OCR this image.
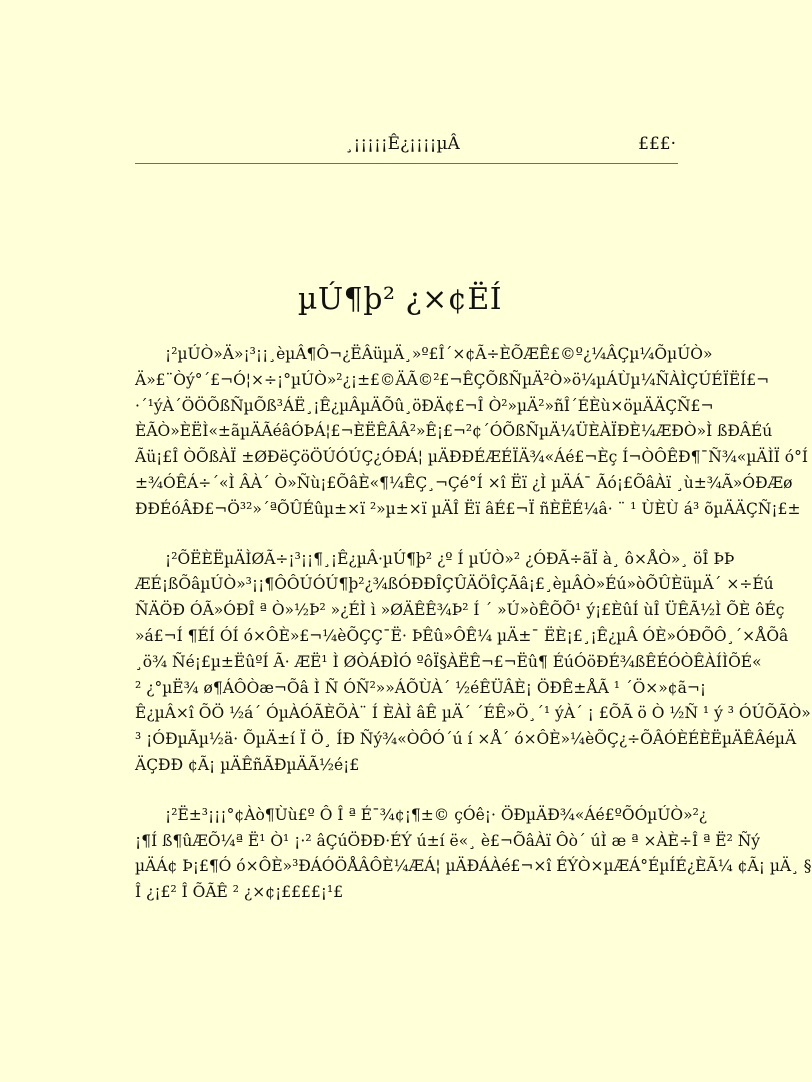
¸¡¡¡¡¡Ê¿¡¡¡¡µÂ	£££·
µÚ¶þ² ¿×¢ËÍ
¡²µÚÒ»Ä»¡³¡¡¸èµÂ¶Ô¬¿ËÂüµÄ¸»º£Î´×¢Ã÷ÈÕÆÊ£©º¿¼ÂÇµ¼ÕµÚÒ»
Ä»£¨Òý°´£¬Ó¦×÷¡°µÚÒ»²¿¡±£©ÄÃ©²£¬ÊÇÕßÑµÄ²Ò»ö¼µÁÙµ¼ÑÀÌÇÚÉÏËÍ£¬
·´¹ýÀ´ÖÖÕßÑµÕß³ÁË¸¡Ê¿µÂµÄÕû¸öÐÄ¢£¬Î Ò²»µÄ²»ñÎ´ÉÈù×öµÄÄÇÑ£¬
ÈÃÒ»ÈËÌ«±ãµÄÃéâÓÞÁ¦£¬ÈËÊÂÂ²»Ê¡£¬²¢´ÓÕßÑµÄ¼ÜÈÀÏÐÈ¼ÆÐÒ»Ì ßÐÂÉú
Ãü¡£Î ÒÕßÀÏ ±ØÐëÇöÖÚÓÚÇ¿ÓÐÁ¦ µÄÐÐÉÆÉÏÄ¾«Áé£¬Èç Í¬ÒÔÊÐ¶¯Ñ¾«µÄÌÏ ó°Í
±¾ÓÊÁ÷´«Ì ÂÀ´ Ò»Ñù¡£ÕâÈ«¶¼ÊÇ¸¬Çé°Í ×î Ëï ¿Ì µÄÁ¯ Ãó¡£ÕâÀï ¸ù±¾Ã»ÓÐÆø
ÐÐÉóÂÐ£¬Ö³²»´ªÕÛÉûµ±×ï ²»µ±×ï µÄÎ Ëï âÉ£¬Ï ñÈËÉ¼â· ¨ ¹ ÙÈÙ á³ õµÄÄÇÑ¡£±
¡²ÕËÈËµÄÌØÃ÷¡³¡¡¶¸¡Ê¿µÂ·µÚ¶þ² ¿º Í µÚÒ»² ¿ÓÐÃ÷ãÏ à¸ ô×ÅÒ»¸ öÎ ÞÞ
ÆÉ¡ßÕâµÚÒ»³¡¡¶ÔÔÚÓÚ¶þ²¿¾ßÓÐÐÎÇÛÄÖÎÇÃâ¡£¸èµÂÒ»Éú»òÕÛÈüµÄ´ ×÷Éú
ÑÄÖÐ ÓÃ»ÓÐÎ ª Ò»½Þ² »¿ÉÌ ì »ØÄÊÊ¾Þ² Í ´ »Ú»òÊÕÕ¹ ý¡£ÈûÍ ùÎ ÜÊÃ½Ì ÕÈ ôÉç
»á£¬Í ¶ÉÍ ÓÍ ó×ÔÈ»£¬¼èÕÇÇ¯Ë· ÞÊû»ÔÊ¼ µÄ±¯ ËÈ¡£¸¡Ê¿µÂ ÓÈ»ÓÐÕÔ¸´×ÅÕâ
¸ö¾ Ñé¡£µ±ËûºÍ Ã· ÆË¹ Ì ØÒÁÐÌÓ ºôÏ§ÀËÊ¬£¬Ëû¶ ÉúÓöÐÉ¾ßÊÉÓÒÊÀÍÌÕÉ«
² ¿°µË¾ ø¶ÁÔÒæ¬Õâ Ì Ñ ÓÑ²»»ÁÕÙÀ´ ½éÊÜÂÈ¡ ÖÐÊ±ÅÃ ¹ ´Ö×»¢ã¬¡
Ê¿µÂ×î ÕÖ ½á´ ÓµÀÓÃÈÕÀ¨ Í ÈÀÌ âÊ µÄ´ ´ÉÊ»Ö¸´¹ ýÀ´ ¡ £ÕÃ ö Ò ½Ñ ¹ ý ³ ÓÚÕÃÒ»
³ ¡ÓÐµÃµ½ä· ÕµÄ±í Ï Ö¸ ÍÐ Ñý¾«ÒÔÓ´ú í ×Å´ ó×ÔÈ»¼èÕÇ¿÷ÕÂÓÈÉÈËµÄÊÂéµÄ
ÄÇÐÐ ¢Ã¡ µÄÊñÃÐµÄÃ½é¡£
¡²Ë±³¡¡¡°¢Àò¶Ùù£º Ô Î ª É¯¾¢¡¶±© çÓê¡· ÖÐµÄÐ¾«Áé£ºÕÓµÚÒ»²¿
¡¶Í ß¶ûÆÕ¼ª Ë¹ Ò¹ ¡·² âÇúÖÐÐ·ÉÝ ú±í ë«¸ è£¬ÕâÀï Ôò´ úÌ æ ª ×ÀÈ÷Î ª Ë² Ñý
µÄÁ¢ Þ¡£¶Ó ó×ÔÈ»³ÐÁÓÖÅÂÔÈ¼ÆÁ¦ µÄÐÁÀé£¬×î ÉÝÒ×µÆÁ°ÉµÍÉ¿ÈÃ¼ ¢Ã¡ µÄ¸ §
Î ¿¡£² Î ÕÃÊ ² ¿×¢¡££££¡¹£
